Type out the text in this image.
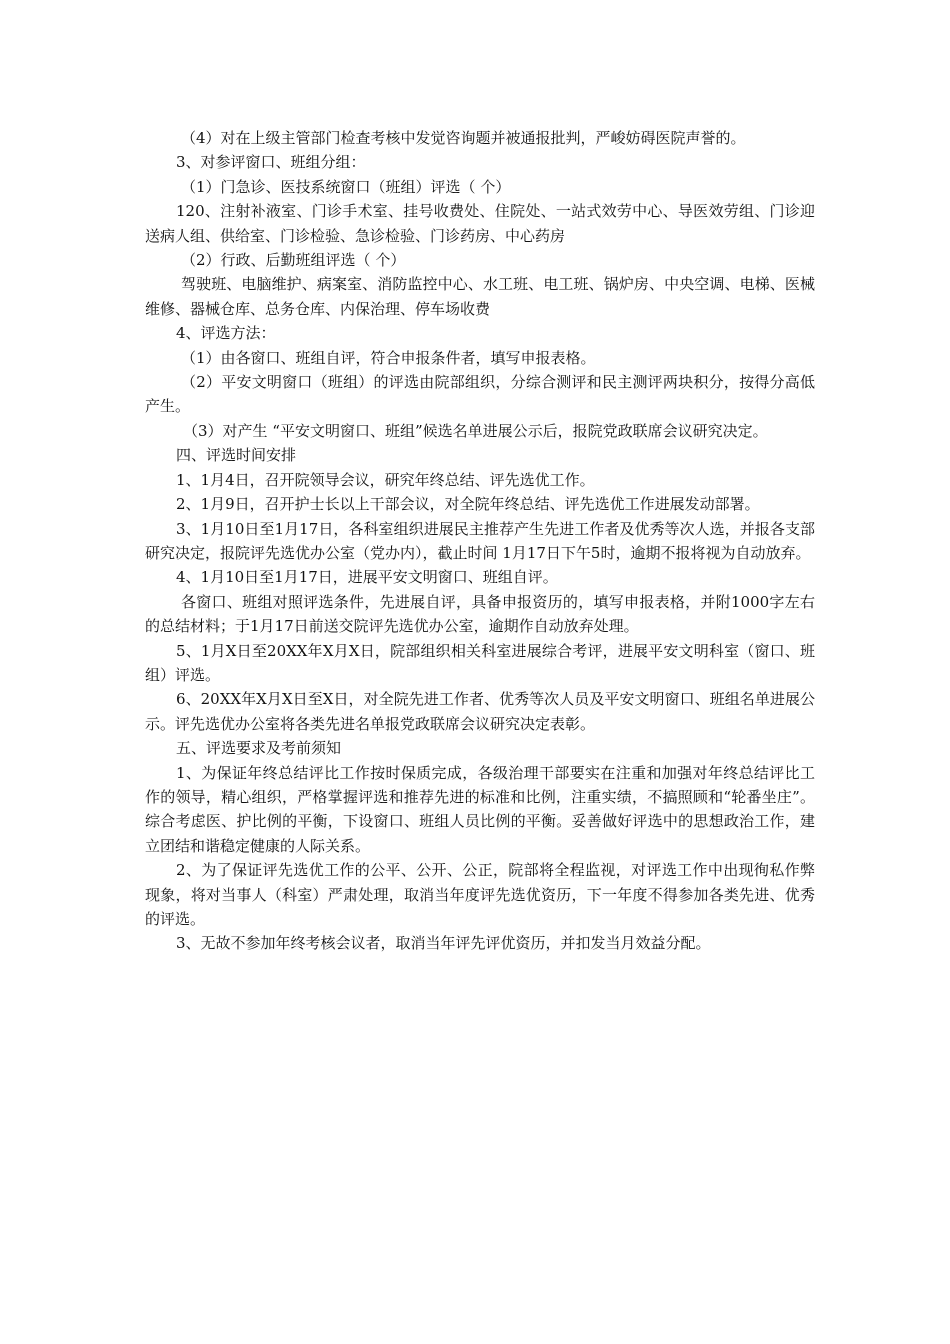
（4）对在上级主管部门检查考核中发觉咨询题并被通报批判，严峻妨碍医院声誉的。

3、对参评窗口、班组分组：

（1）门急诊、医技系统窗口（班组）评选（ 个）

120、注射补液室、门诊手术室、挂号收费处、住院处、一站式效劳中心、导医效劳组、门诊迎送病人组、供给室、门诊检验、急诊检验、门诊药房、中心药房

（2）行政、后勤班组评选（ 个）

驾驶班、电脑维护、病案室、消防监控中心、水工班、电工班、锅炉房、中央空调、电梯、医械维修、器械仓库、总务仓库、内保治理、停车场收费

4、评选方法：

（1）由各窗口、班组自评，符合申报条件者，填写申报表格。

（2）平安文明窗口（班组）的评选由院部组织，分综合测评和民主测评两块积分，按得分高低产生。

（3）对产生 “平安文明窗口、班组”候选名单进展公示后，报院党政联席会议研究决定。

四、评选时间安排

1、1月4日，召开院领导会议，研究年终总结、评先选优工作。

2、1月9日，召开护士长以上干部会议，对全院年终总结、评先选优工作进展发动部署。

3、1月10日至1月17日，各科室组织进展民主推荐产生先进工作者及优秀等次人选，并报各支部研究决定，报院评先选优办公室（党办内），截止时间 1月17日下午5时，逾期不报将视为自动放弃。

4、1月10日至1月17日，进展平安文明窗口、班组自评。

各窗口、班组对照评选条件，先进展自评，具备申报资历的，填写申报表格，并附1000字左右的总结材料；于1月17日前送交院评先选优办公室，逾期作自动放弃处理。

5、1月X日至20XX年X月X日，院部组织相关科室进展综合考评，进展平安文明科室（窗口、班组）评选。

6、20XX年X月X日至X日，对全院先进工作者、优秀等次人员及平安文明窗口、班组名单进展公示。评先选优办公室将各类先进名单报党政联席会议研究决定表彰。

五、评选要求及考前须知

1、为保证年终总结评比工作按时保质完成，各级治理干部要实在注重和加强对年终总结评比工作的领导，精心组织，严格掌握评选和推荐先进的标准和比例，注重实绩，不搞照顾和“轮番坐庄”。综合考虑医、护比例的平衡，下设窗口、班组人员比例的平衡。妥善做好评选中的思想政治工作，建立团结和谐稳定健康的人际关系。

2、为了保证评先选优工作的公平、公开、公正，院部将全程监视，对评选工作中出现徇私作弊现象，将对当事人（科室）严肃处理，取消当年度评先选优资历，下一年度不得参加各类先进、优秀的评选。

3、无故不参加年终考核会议者，取消当年评先评优资历，并扣发当月效益分配。
